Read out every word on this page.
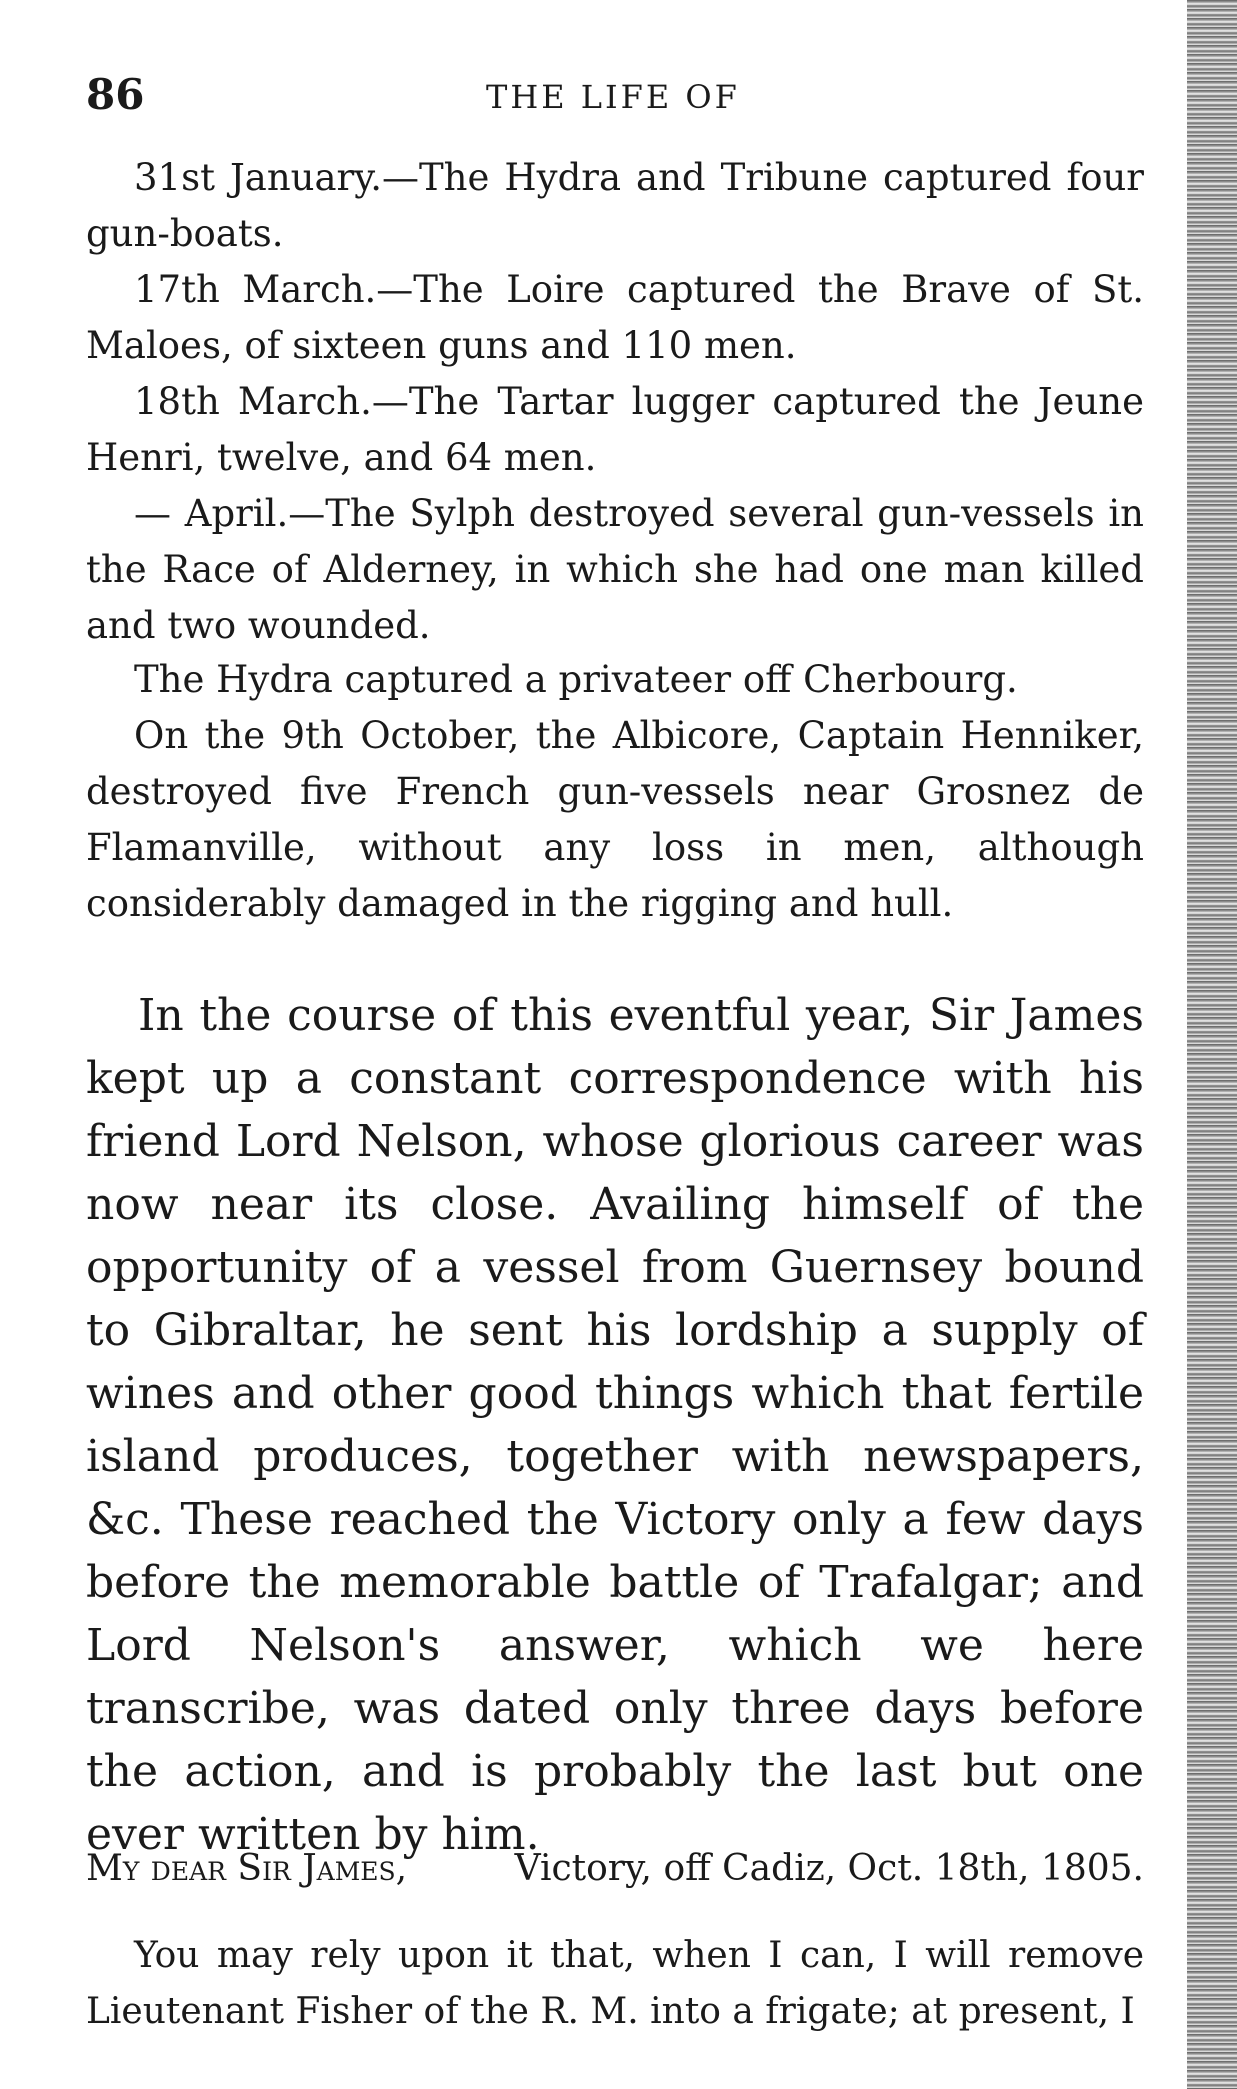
86	THE LIFE OF

31st January.—The Hydra and Tribune captured four gun-boats.

17th March.—The Loire captured the Brave of St. Maloes, of sixteen guns and 110 men.

18th March.—The Tartar lugger captured the Jeune Henri, twelve, and 64 men.

— April.—The Sylph destroyed several gun-vessels in the Race of Alderney, in which she had one man killed and two wounded.

The Hydra captured a privateer off Cherbourg.

On the 9th October, the Albicore, Captain Henniker, destroyed five French gun-vessels near Grosnez de Flamanville, without any loss in men, although considerably damaged in the rigging and hull.

In the course of this eventful year, Sir James kept up a constant correspondence with his friend Lord Nelson, whose glorious career was now near its close. Availing himself of the opportunity of a vessel from Guernsey bound to Gibraltar, he sent his lordship a supply of wines and other good things which that fertile island produces, together with newspapers, &c. These reached the Victory only a few days before the memorable battle of Trafalgar; and Lord Nelson's answer, which we here transcribe, was dated only three days before the action, and is probably the last but one ever written by him.

My dear Sir James,	Victory, off Cadiz, Oct. 18th, 1805.

You may rely upon it that, when I can, I will remove Lieutenant Fisher of the R. M. into a frigate; at present, I
